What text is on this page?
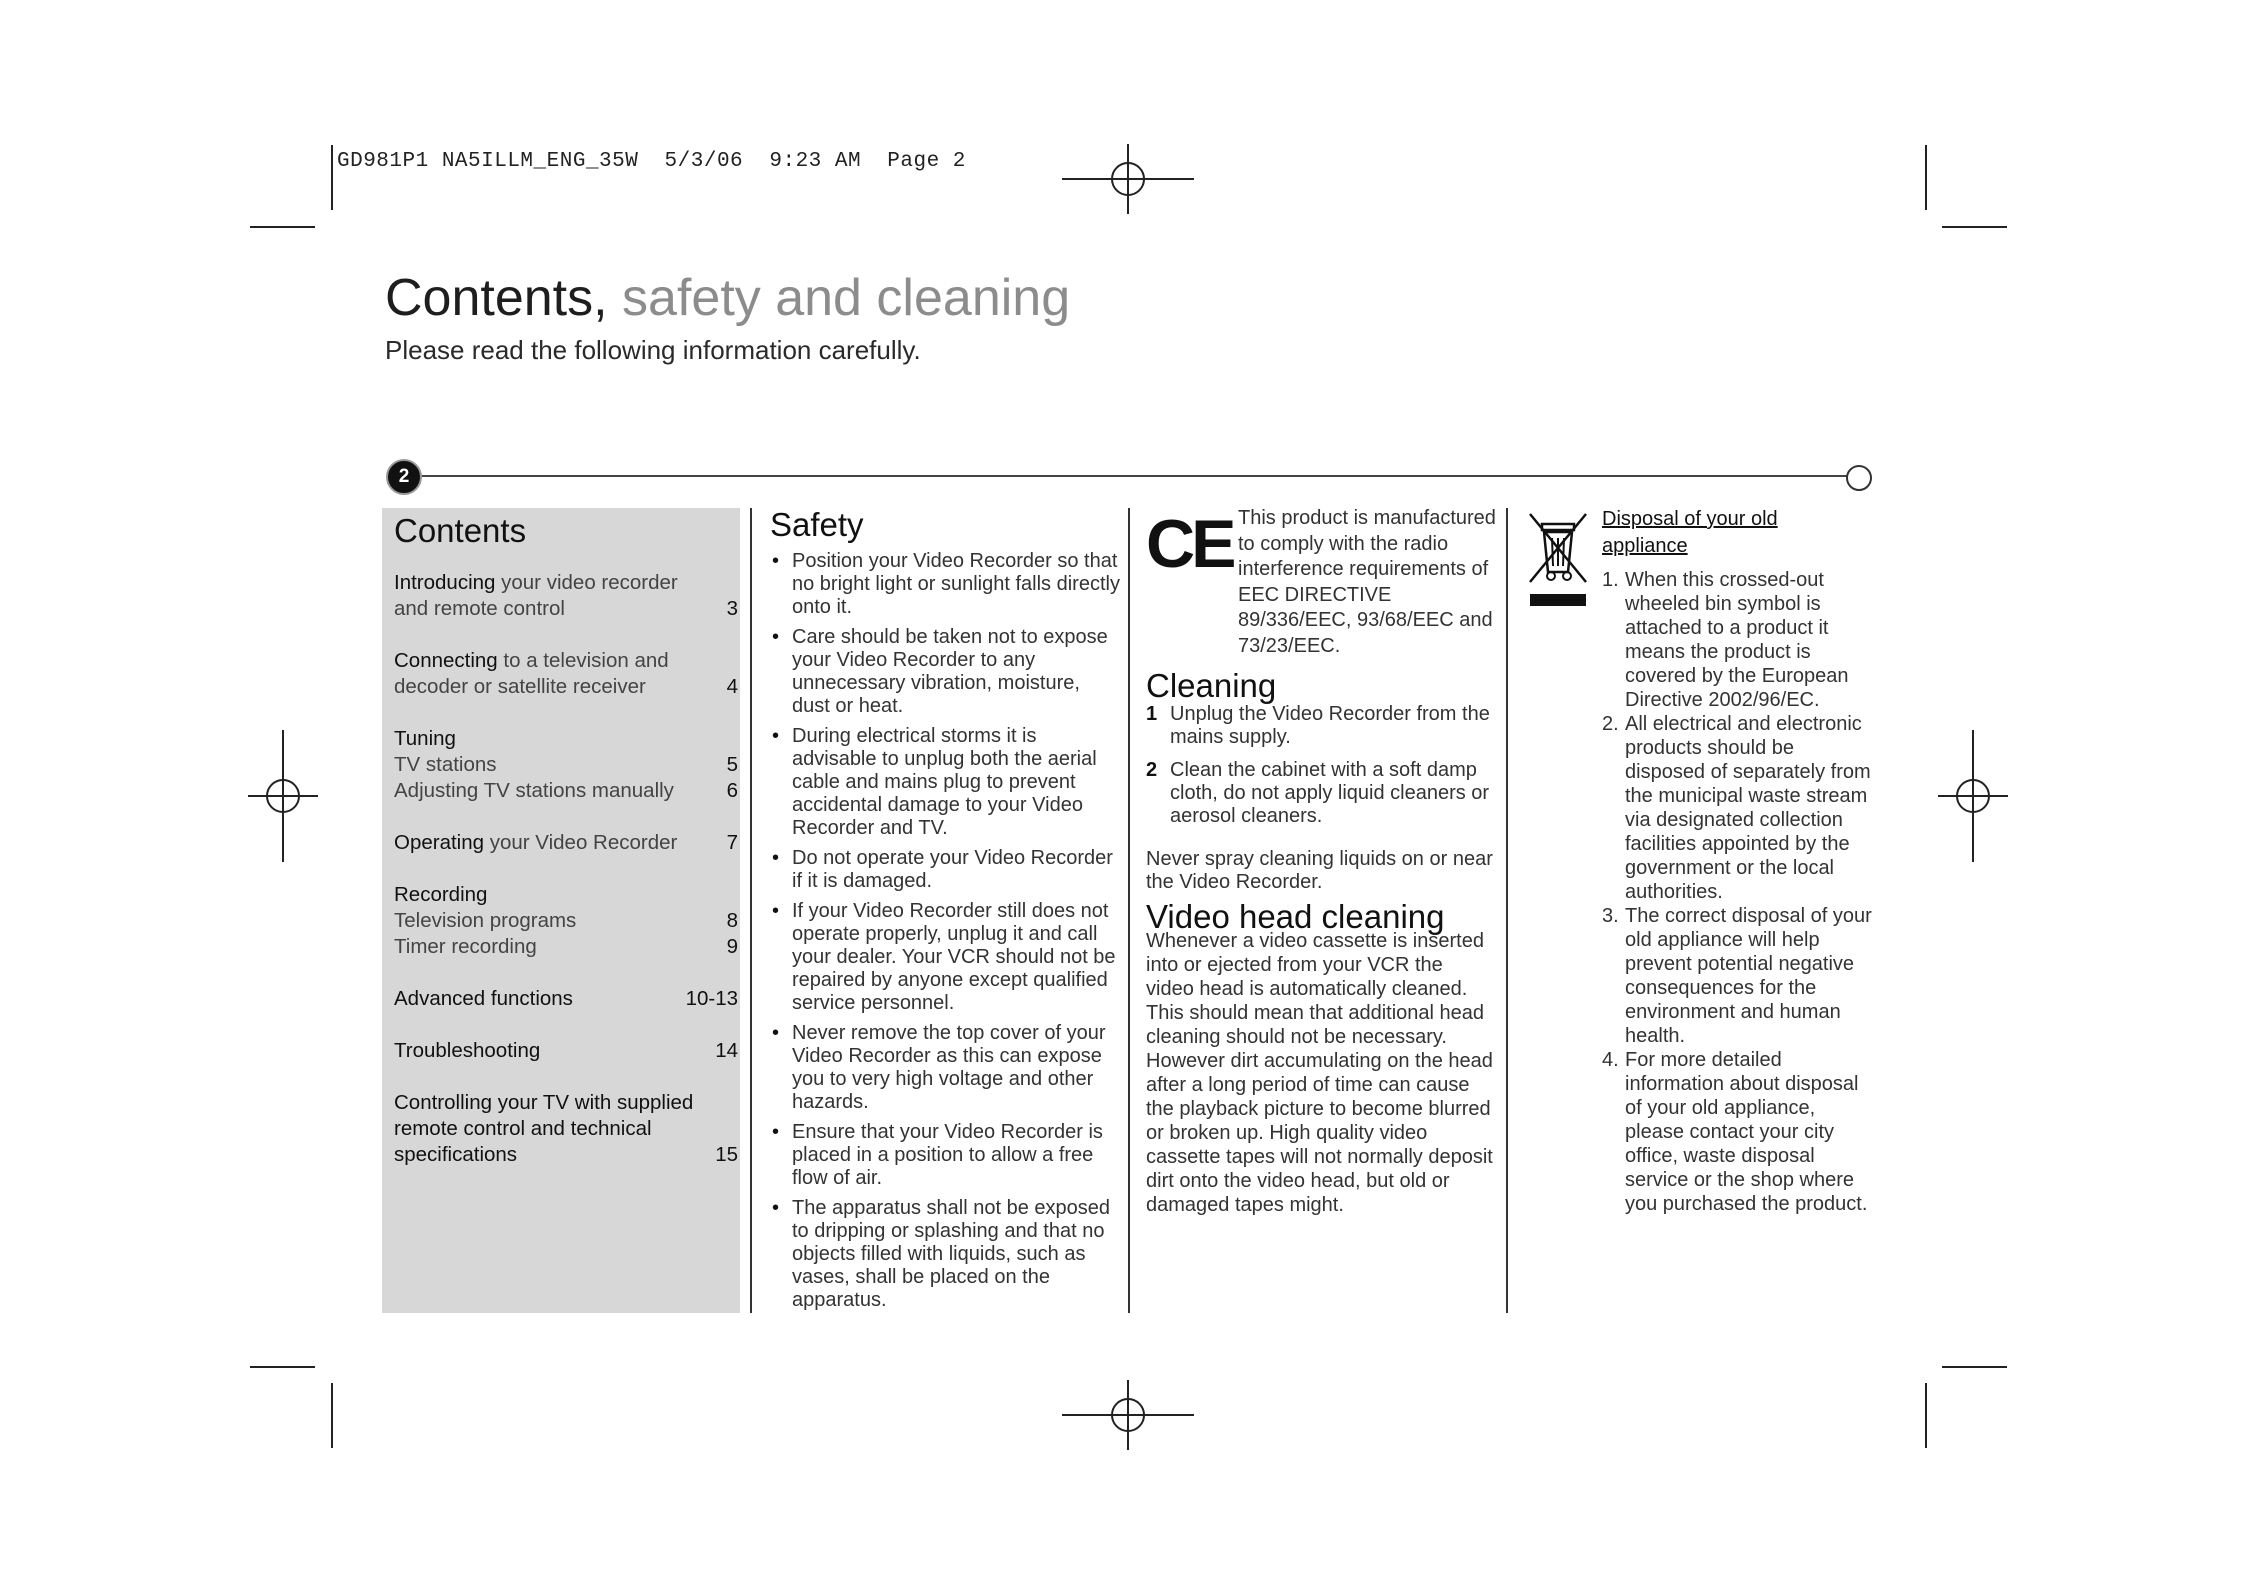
GD981P1 NA5ILLM_ENG_35W  5/3/06  9:23 AM  Page 2
Contents, safety and cleaning
Please read the following information carefully.
2
Contents
Introducing your video recorder
and remote control	3
Connecting to a television and
decoder or satellite receiver	4
Tuning
TV stations	5
Adjusting TV stations manually	6
Operating your Video Recorder 7
Recording
Television programs	8
Timer recording	9
Advanced functions	10-13
Troubleshooting	14
Controlling your TV with supplied
remote control and technical
specifications	15
Safety
• Position your Video Recorder so that no bright light or sunlight falls directly onto it.
• Care should be taken not to expose your Video Recorder to any unnecessary vibration, moisture, dust or heat.
• During electrical storms it is advisable to unplug both the aerial cable and mains plug to prevent accidental damage to your Video Recorder and TV.
• Do not operate your Video Recorder if it is damaged.
• If your Video Recorder still does not operate properly, unplug it and call your dealer. Your VCR should not be repaired by anyone except qualified service personnel.
• Never remove the top cover of your Video Recorder as this can expose you to very high voltage and other hazards.
• Ensure that your Video Recorder is placed in a position to allow a free flow of air.
• The apparatus shall not be exposed to dripping or splashing and that no objects filled with liquids, such as vases, shall be placed on the apparatus.
CE This product is manufactured to comply with the radio interference requirements of EEC DIRECTIVE 89/336/EEC, 93/68/EEC and 73/23/EEC.
Cleaning
1 Unplug the Video Recorder from the mains supply.
2 Clean the cabinet with a soft damp cloth, do not apply liquid cleaners or aerosol cleaners.

Never spray cleaning liquids on or near the Video Recorder.

Video head cleaning

Whenever a video cassette is inserted into or ejected from your VCR the video head is automatically cleaned. This should mean that additional head cleaning should not be necessary. However dirt accumulating on the head after a long period of time can cause the playback picture to become blurred or broken up. High quality video cassette tapes will not normally deposit dirt onto the video head, but old or damaged tapes might.

Disposal of your old appliance
1. When this crossed-out wheeled bin symbol is attached to a product it means the product is covered by the European Directive 2002/96/EC.
2. All electrical and electronic products should be disposed of separately from the municipal waste stream via designated collection facilities appointed by the government or the local authorities.
3. The correct disposal of your old appliance will help prevent potential negative consequences for the environment and human health.
4. For more detailed information about disposal of your old appliance, please contact your city office, waste disposal service or the shop where you purchased the product.
